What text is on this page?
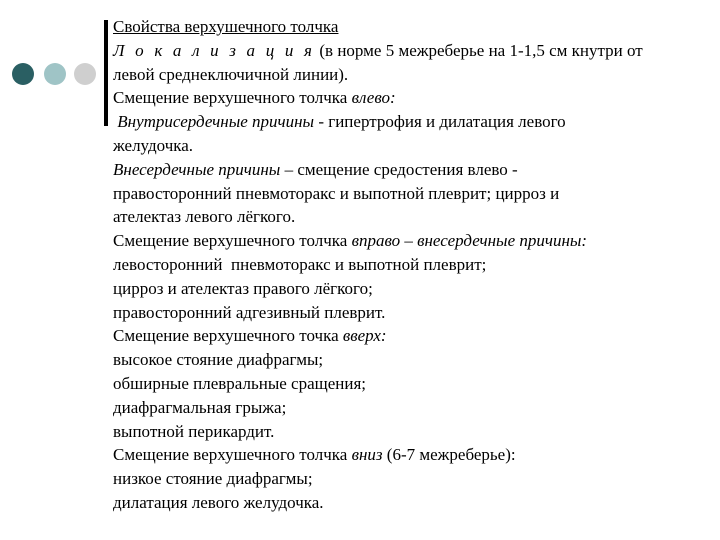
Свойства верхушечного толчка
Л о к а л и з а ц и я (в норме 5 межреберье на 1-1,5 см кнутри от
левой среднеключичной линии).
Смещение верхушечного толчка влево:
Внутрисердечные причины - гипертрофия и дилатация левого
желудочка.
Внесердечные причины – смещение средостения влево -
правосторонний пневмоторакс и выпотной плеврит; цирроз и
ателектаз левого лёгкого.
Смещение верхушечного толчка вправо – внесердечные причины:
левосторонний  пневмоторакс и выпотной плеврит;
цирроз и ателектаз правого лёгкого;
правосторонний адгезивный плеврит.
Смещение верхушечного точка вверх:
высокое стояние диафрагмы;
обширные плевральные сращения;
диафрагмальная грыжа;
выпотной перикардит.
Смещение верхушечного толчка вниз (6-7 межреберье):
низкое стояние диафрагмы;
дилатация левого желудочка.
